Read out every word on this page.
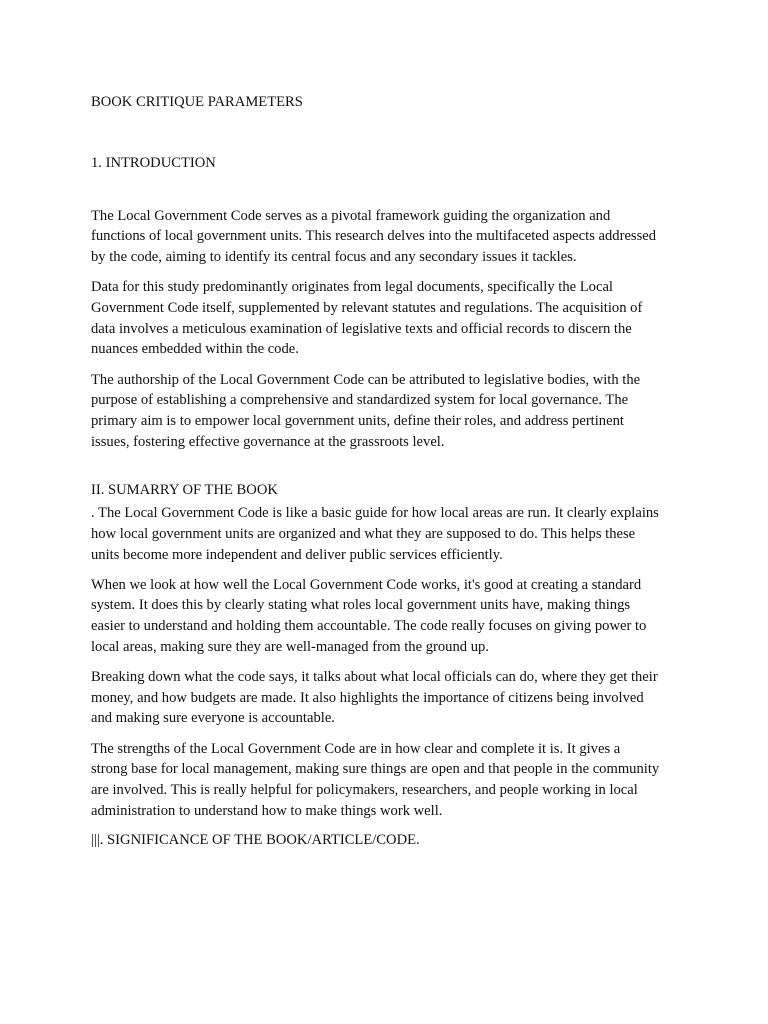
BOOK CRITIQUE PARAMETERS
1. INTRODUCTION

The Local Government Code serves as a pivotal framework guiding the organization and
functions of local government units. This research delves into the multifaceted aspects addressed
by the code, aiming to identify its central focus and any secondary issues it tackles.

Data for this study predominantly originates from legal documents, specifically the Local
Government Code itself, supplemented by relevant statutes and regulations. The acquisition of
data involves a meticulous examination of legislative texts and official records to discern the
nuances embedded within the code.

The authorship of the Local Government Code can be attributed to legislative bodies, with the
purpose of establishing a comprehensive and standardized system for local governance. The
primary aim is to empower local government units, define their roles, and address pertinent
issues, fostering effective governance at the grassroots level.

II. SUMARRY OF THE BOOK

. The Local Government Code is like a basic guide for how local areas are run. It clearly explains
how local government units are organized and what they are supposed to do. This helps these
units become more independent and deliver public services efficiently.

When we look at how well the Local Government Code works, it's good at creating a standard
system. It does this by clearly stating what roles local government units have, making things
easier to understand and holding them accountable. The code really focuses on giving power to
local areas, making sure they are well-managed from the ground up.

Breaking down what the code says, it talks about what local officials can do, where they get their
money, and how budgets are made. It also highlights the importance of citizens being involved
and making sure everyone is accountable.

The strengths of the Local Government Code are in how clear and complete it is. It gives a
strong base for local management, making sure things are open and that people in the community
are involved. This is really helpful for policymakers, researchers, and people working in local
administration to understand how to make things work well.

|||. SIGNIFICANCE OF THE BOOK/ARTICLE/CODE.
